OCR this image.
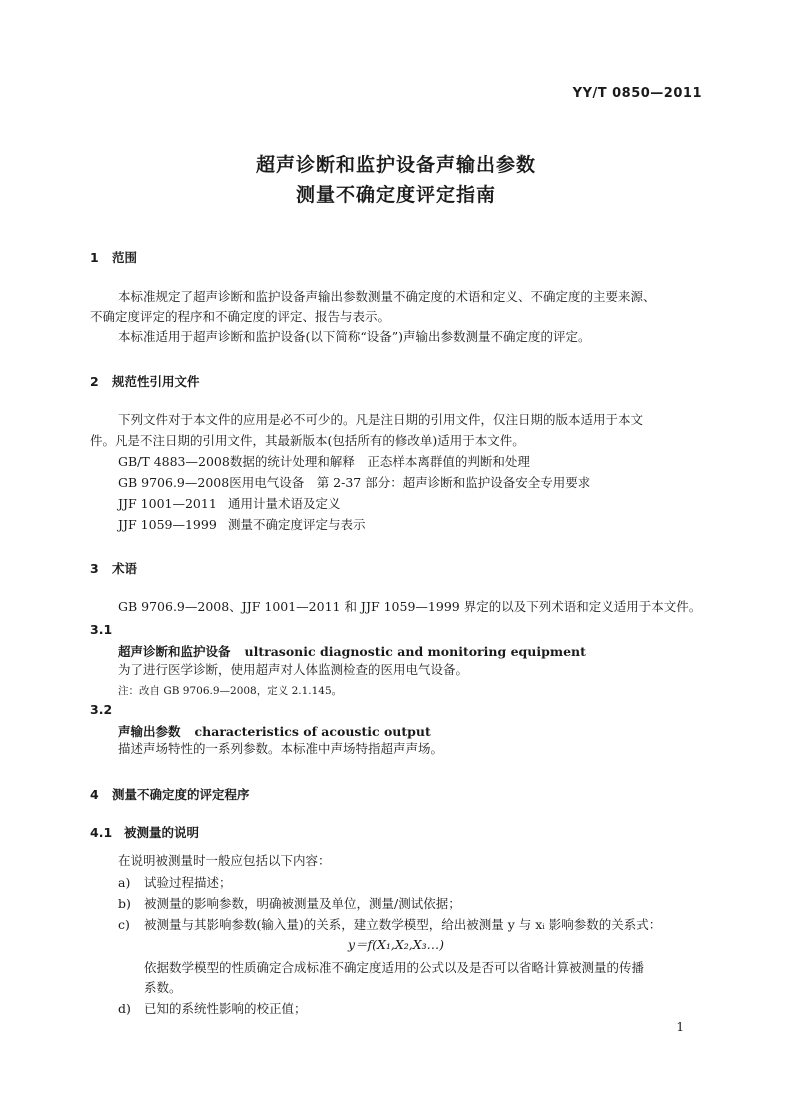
YY/T 0850—2011
超声诊断和监护设备声输出参数
测量不确定度评定指南
1 范围
本标准规定了超声诊断和监护设备声输出参数测量不确定度的术语和定义、不确定度的主要来源、
不确定度评定的程序和不确定度的评定、报告与表示。
本标准适用于超声诊断和监护设备(以下简称“设备”)声输出参数测量不确定度的评定。
2 规范性引用文件
下列文件对于本文件的应用是必不可少的。凡是注日期的引用文件，仅注日期的版本适用于本文
件。凡是不注日期的引用文件，其最新版本(包括所有的修改单)适用于本文件。
GB/T 4883—2008数据的统计处理和解释　正态样本离群值的判断和处理
GB 9706.9—2008医用电气设备　第 2-37 部分：超声诊断和监护设备安全专用要求
JJF 1001—2011 通用计量术语及定义
JJF 1059—1999 测量不确定度评定与表示
3 术语
GB 9706.9—2008、JJF 1001—2011 和 JJF 1059—1999 界定的以及下列术语和定义适用于本文件。
3.1
超声诊断和监护设备 ultrasonic diagnostic and monitoring equipment
为了进行医学诊断，使用超声对人体监测检查的医用电气设备。
注：改自 GB 9706.9—2008，定义 2.1.145。
3.2
声输出参数 characteristics of acoustic output
描述声场特性的一系列参数。本标准中声场特指超声声场。
4 测量不确定度的评定程序
4.1 被测量的说明
在说明被测量时一般应包括以下内容：
a) 试验过程描述；
b) 被测量的影响参数，明确被测量及单位，测量/测试依据；
c) 被测量与其影响参数(输入量)的关系，建立数学模型，给出被测量 y 与 xᵢ 影响参数的关系式：
y＝f(X₁,X₂,X₃…)
依据数学模型的性质确定合成标准不确定度适用的公式以及是否可以省略计算被测量的传播
系数。
d) 已知的系统性影响的校正值；
1
